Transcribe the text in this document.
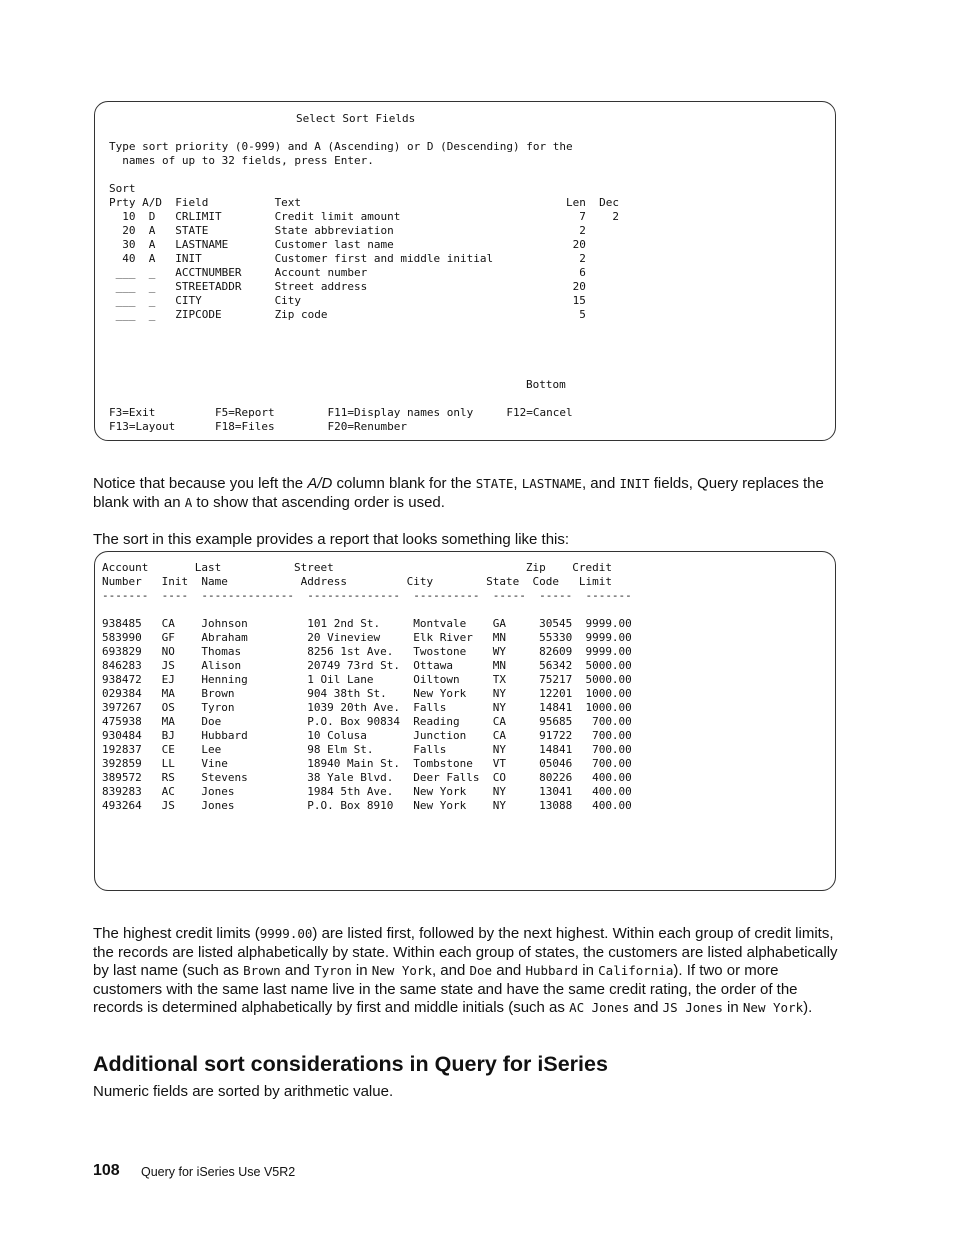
Select Sort Fields
Type sort priority (0-999) and A (Ascending) or D (Descending) for the
names of up to 32 fields, press Enter.
Sort
Prty A/D  Field          Text                                        Len  Dec
10  D   CRLIMIT        Credit limit amount                           7    2
20  A   STATE          State abbreviation                            2
30  A   LASTNAME       Customer last name                           20
40  A   INIT           Customer first and middle initial             2
___  _   ACCTNUMBER     Account number                                6
___  _   STREETADDR     Street address                               20
___  _   CITY           City                                         15
___  _   ZIPCODE        Zip code                                      5
Bottom
F3=Exit         F5=Report        F11=Display names only     F12=Cancel
F13=Layout      F18=Files        F20=Renumber
Notice that because you left the A/D column blank for the STATE, LASTNAME, and INIT fields, Query replaces the blank with an A to show that ascending order is used.
The sort in this example provides a report that looks something like this:
Account       Last           Street                             Zip    Credit
Number   Init  Name           Address         City        State  Code   Limit
-------  ----  --------------  --------------  ----------  -----  -----  -------

938485   CA    Johnson         101 2nd St.     Montvale    GA     30545  9999.00
583990   GF    Abraham         20 Vineview     Elk River   MN     55330  9999.00
693829   NO    Thomas          8256 1st Ave.   Twostone    WY     82609  9999.00
846283   JS    Alison          20749 73rd St.  Ottawa      MN     56342  5000.00
938472   EJ    Henning         1 Oil Lane      Oiltown     TX     75217  5000.00
029384   MA    Brown           904 38th St.    New York    NY     12201  1000.00
397267   OS    Tyron           1039 20th Ave.  Falls       NY     14841  1000.00
475938   MA    Doe             P.O. Box 90834  Reading     CA     95685   700.00
930484   BJ    Hubbard         10 Colusa       Junction    CA     91722   700.00
192837   CE    Lee             98 Elm St.      Falls       NY     14841   700.00
392859   LL    Vine            18940 Main St.  Tombstone   VT     05046   700.00
389572   RS    Stevens         38 Yale Blvd.   Deer Falls  CO     80226   400.00
839283   AC    Jones           1984 5th Ave.   New York    NY     13041   400.00
493264   JS    Jones           P.O. Box 8910   New York    NY     13088   400.00
The highest credit limits (9999.00) are listed first, followed by the next highest. Within each group of credit limits, the records are listed alphabetically by state. Within each group of states, the customers are listed alphabetically by last name (such as Brown and Tyron in New York, and Doe and Hubbard in California). If two or more customers with the same last name live in the same state and have the same credit rating, the order of the records is determined alphabetically by first and middle initials (such as AC Jones and JS Jones in New York).
Additional sort considerations in Query for iSeries
Numeric fields are sorted by arithmetic value.
108 Query for iSeries Use V5R2
